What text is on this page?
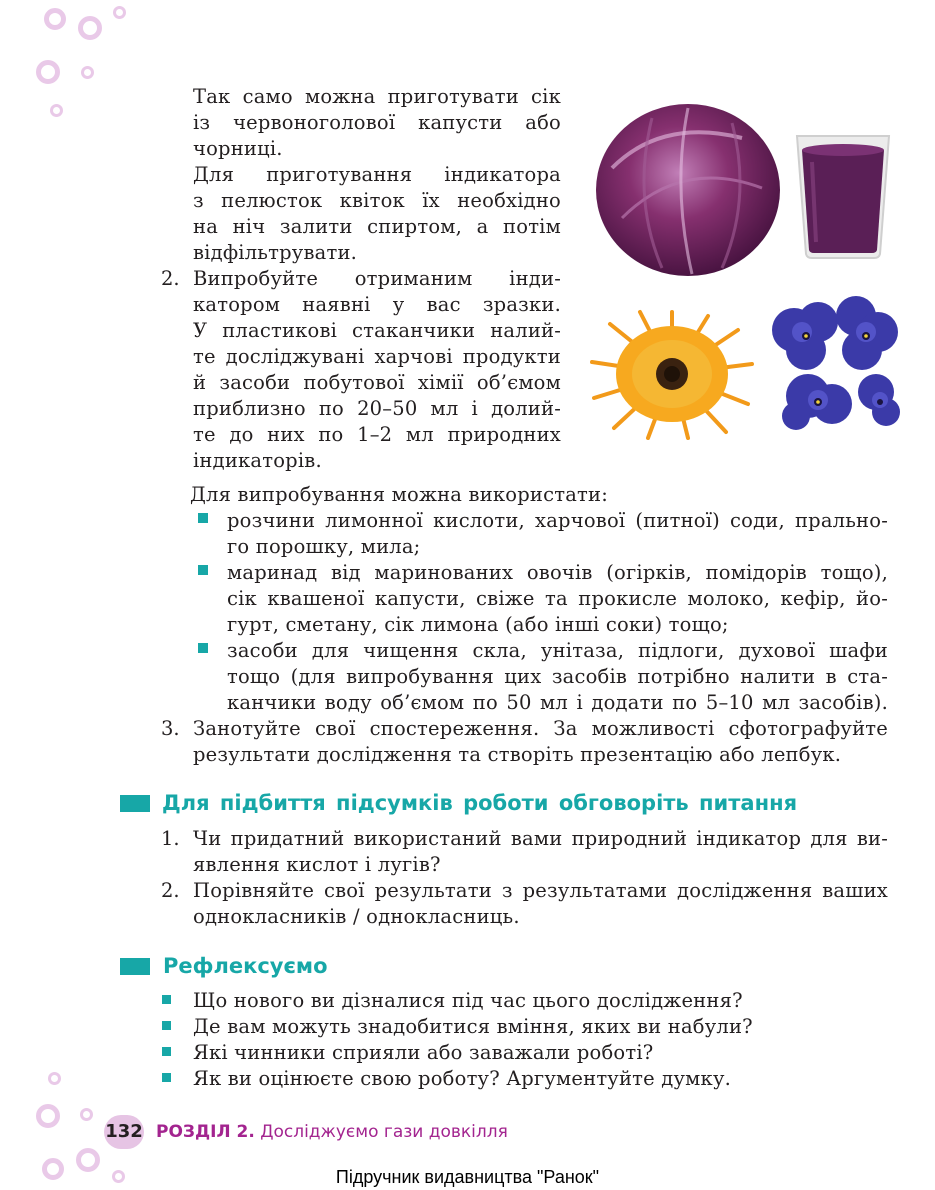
Так само можна приготувати сік
із червоноголової капусти або
чорниці.
Для приготування індикатора
з пелюсток квіток їх необхідно
на ніч залити спиртом, а потім
відфільтрувати.
2. Випробуйте отриманим інди-
катором наявні у вас зразки.
У пластикові стаканчики налий-
те досліджувані харчові продукти
й засоби побутової хімії об’ємом
приблизно по 20–50 мл і долий-
те до них по 1–2 мл природних
індикаторів.
Для випробування можна використати:
розчини лимонної кислоти, харчової (питної) соди, прально-
го порошку, мила;
маринад від маринованих овочів (огірків, помідорів тощо),
сік квашеної капусти, свіже та прокисле молоко, кефір, йо-
гурт, сметану, сік лимона (або інші соки) тощо;
засоби для чищення скла, унітаза, підлоги, духової шафи
тощо (для випробування цих засобів потрібно налити в ста-
канчики воду об’ємом по 50 мл і додати по 5–10 мл засобів).
3. Занотуйте свої спостереження. За можливості сфотографуйте
результати дослідження та створіть презентацію або лепбук.
Для підбиття підсумків роботи обговоріть питання
1. Чи придатний використаний вами природний індикатор для ви-
явлення кислот і лугів?
2. Порівняйте свої результати з результатами дослідження ваших
однокласників / однокласниць.
Рефлексуємо
Що нового ви дізналися під час цього дослідження?
Де вам можуть знадобитися вміння, яких ви набули?
Які чинники сприяли або заважали роботі?
Як ви оцінюєте свою роботу? Аргументуйте думку.
132 РОЗДІЛ 2. Досліджуємо гази довкілля
Підручник видавництва "Ранок"
